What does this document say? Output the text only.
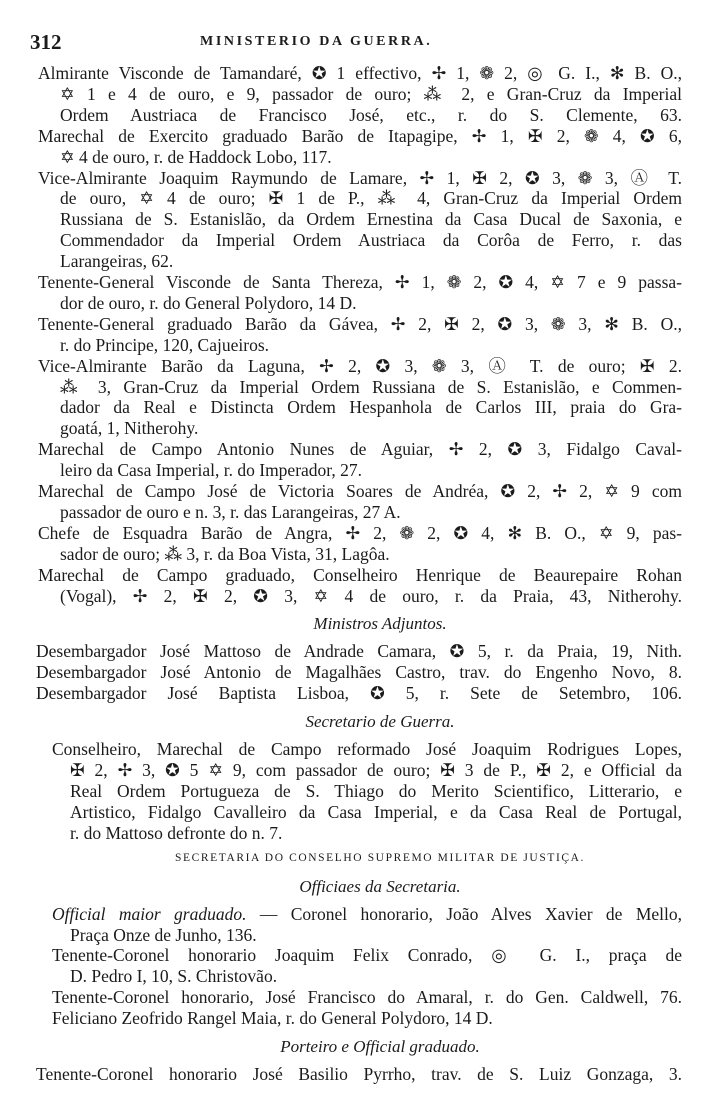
312	MINISTERIO DA GUERRA.
Almirante Visconde de Tamandaré, ✪ 1 effectivo, ✢ 1, ❁ 2, ◎ G. I., ✻ B. O.,
✡ 1 e 4 de ouro, e 9, passador de ouro; ⁂ 2, e Gran-Cruz da Imperial
Ordem Austriaca de Francisco José, etc., r. do S. Clemente, 63.
Marechal de Exercito graduado Barão de Itapagipe, ✢ 1, ✠ 2, ❁ 4, ✪ 6,
✡ 4 de ouro, r. de Haddock Lobo, 117.
Vice-Almirante Joaquim Raymundo de Lamare, ✢ 1, ✠ 2, ✪ 3, ❁ 3, Ⓐ T.
de ouro, ✡ 4 de ouro; ✠ 1 de P., ⁂ 4, Gran-Cruz da Imperial Ordem
Russiana de S. Estanislão, da Ordem Ernestina da Casa Ducal de Saxonia, e
Commendador da Imperial Ordem Austriaca da Corôa de Ferro, r. das
Larangeiras, 62.
Tenente-General Visconde de Santa Thereza, ✢ 1, ❁ 2, ✪ 4, ✡ 7 e 9 passa-
dor de ouro, r. do General Polydoro, 14 D.
Tenente-General graduado Barão da Gávea, ✢ 2, ✠ 2, ✪ 3, ❁ 3, ✻ B. O.,
r. do Principe, 120, Cajueiros.
Vice-Almirante Barão da Laguna, ✢ 2, ✪ 3, ❁ 3, Ⓐ T. de ouro; ✠ 2.
⁂ 3, Gran-Cruz da Imperial Ordem Russiana de S. Estanislão, e Commen-
dador da Real e Distincta Ordem Hespanhola de Carlos III, praia do Gra-
goatá, 1, Nitherohy.
Marechal de Campo Antonio Nunes de Aguiar, ✢ 2, ✪ 3, Fidalgo Caval-
leiro da Casa Imperial, r. do Imperador, 27.
Marechal de Campo José de Victoria Soares de Andréa, ✪ 2, ✢ 2, ✡ 9 com
passador de ouro e n. 3, r. das Larangeiras, 27 A.
Chefe de Esquadra Barão de Angra, ✢ 2, ❁ 2, ✪ 4, ✻ B. O., ✡ 9, pas-
sador de ouro; ⁂ 3, r. da Boa Vista, 31, Lagôa.
Marechal de Campo graduado, Conselheiro Henrique de Beaurepaire Rohan
(Vogal), ✢ 2, ✠ 2, ✪ 3, ✡ 4 de ouro, r. da Praia, 43, Nitherohy.
Ministros Adjuntos.
Desembargador José Mattoso de Andrade Camara, ✪ 5, r. da Praia, 19, Nith.
Desembargador José Antonio de Magalhães Castro, trav. do Engenho Novo, 8.
Desembargador José Baptista Lisboa, ✪ 5, r. Sete de Setembro, 106.
Secretario de Guerra.
Conselheiro, Marechal de Campo reformado José Joaquim Rodrigues Lopes,
✠ 2, ✢ 3, ✪ 5 ✡ 9, com passador de ouro; ✠ 3 de P., ✠ 2, e Official da
Real Ordem Portugueza de S. Thiago do Merito Scientifico, Litterario, e
Artistico, Fidalgo Cavalleiro da Casa Imperial, e da Casa Real de Portugal,
r. do Mattoso defronte do n. 7.
SECRETARIA DO CONSELHO SUPREMO MILITAR DE JUSTIÇA.
Officiaes da Secretaria.
Official maior graduado. — Coronel honorario, João Alves Xavier de Mello,
Praça Onze de Junho, 136.
Tenente-Coronel honorario Joaquim Felix Conrado, ◎ G. I., praça de
D. Pedro I, 10, S. Christovão.
Tenente-Coronel honorario, José Francisco do Amaral, r. do Gen. Caldwell, 76.
Feliciano Zeofrido Rangel Maia, r. do General Polydoro, 14 D.
Porteiro e Official graduado.
Tenente-Coronel honorario José Basilio Pyrrho, trav. de S. Luiz Gonzaga, 3.
